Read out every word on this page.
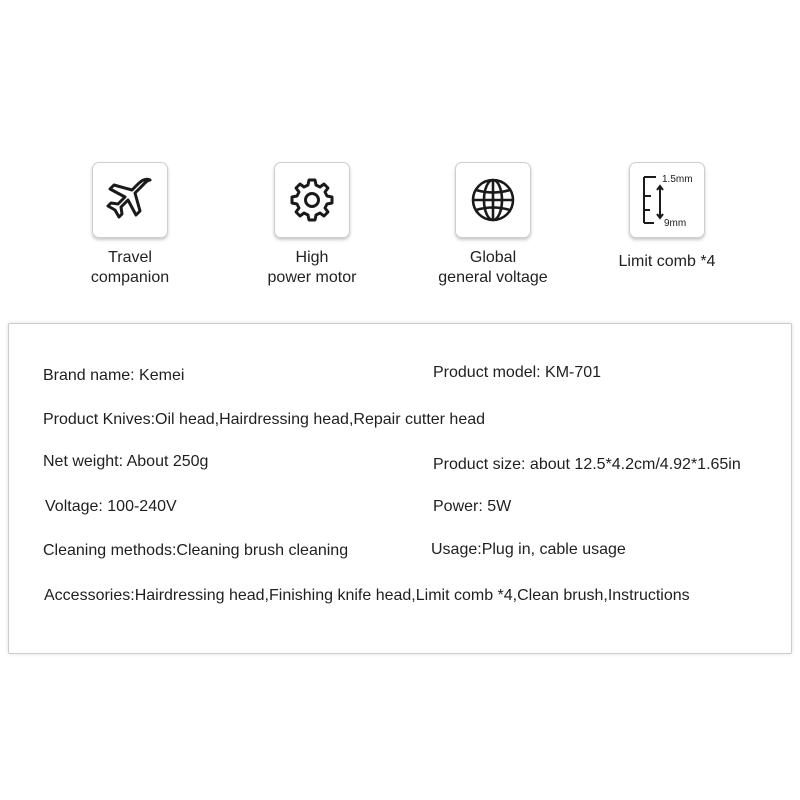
Travel
companion
High
power motor
Global
general voltage
1.5mm
9mm
Limit comb *4
Brand name: Kemei	Product model: KM-701
Product Knives:Oil head,Hairdressing head,Repair cutter head
Net weight: About 250g	Product size: about 12.5*4.2cm/4.92*1.65in
Voltage: 100-240V	Power: 5W
Cleaning methods:Cleaning brush cleaning	Usage:Plug in, cable usage
Accessories:Hairdressing head,Finishing knife head,Limit comb *4,Clean brush,Instructions
